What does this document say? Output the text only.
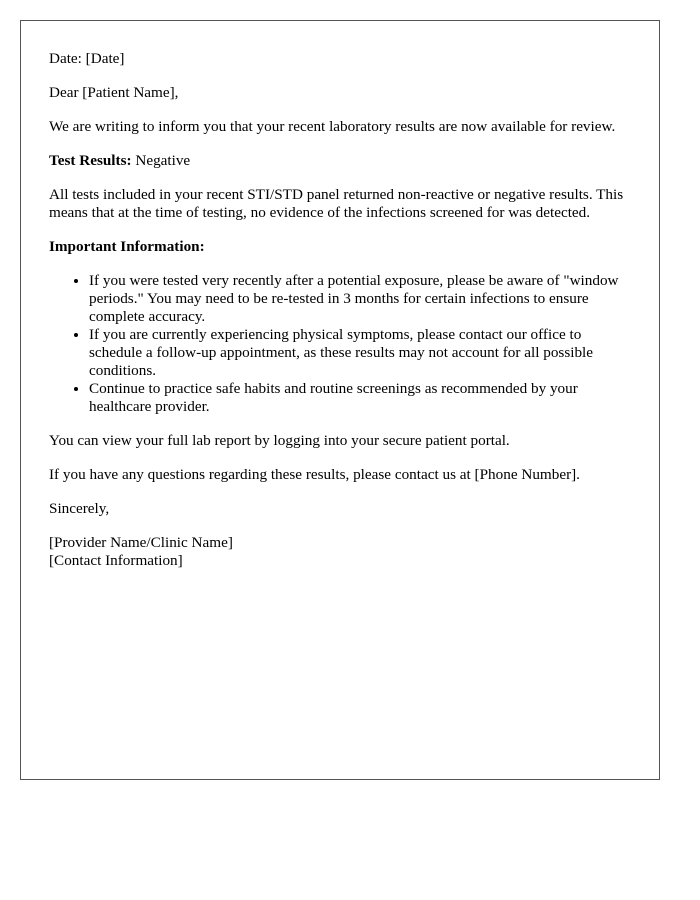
Date: [Date]

Dear [Patient Name],

We are writing to inform you that your recent laboratory results are now available for review.

Test Results: Negative

All tests included in your recent STI/STD panel returned non-reactive or negative results. This means that at the time of testing, no evidence of the infections screened for was detected.

Important Information:

• If you were tested very recently after a potential exposure, please be aware of "window periods." You may need to be re-tested in 3 months for certain infections to ensure complete accuracy.
• If you are currently experiencing physical symptoms, please contact our office to schedule a follow-up appointment, as these results may not account for all possible conditions.
• Continue to practice safe habits and routine screenings as recommended by your healthcare provider.

You can view your full lab report by logging into your secure patient portal.

If you have any questions regarding these results, please contact us at [Phone Number].

Sincerely,

[Provider Name/Clinic Name]
[Contact Information]
